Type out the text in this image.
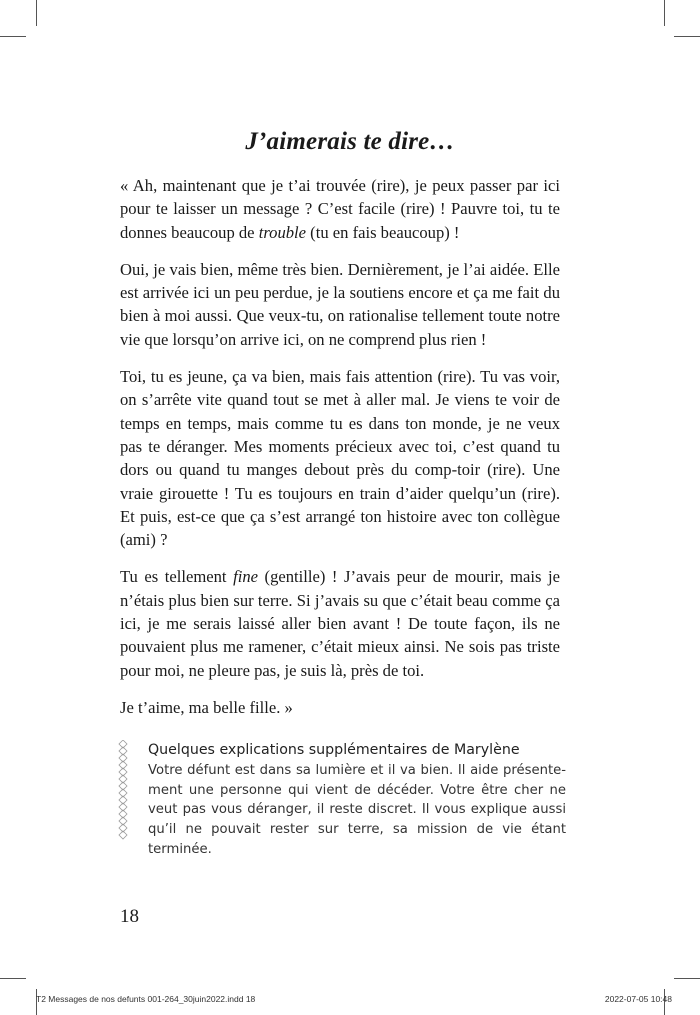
J’aimerais te dire…

« Ah, maintenant que je t’ai trouvée (rire), je peux passer par ici pour te laisser un message ? C’est facile (rire) ! Pauvre toi, tu te donnes beaucoup de trouble (tu en fais beaucoup) !

Oui, je vais bien, même très bien. Dernièrement, je l’ai aidée. Elle est arrivée ici un peu perdue, je la soutiens encore et ça me fait du bien à moi aussi. Que veux-tu, on rationalise tellement toute notre vie que lorsqu’on arrive ici, on ne comprend plus rien !

Toi, tu es jeune, ça va bien, mais fais attention (rire). Tu vas voir, on s’arrête vite quand tout se met à aller mal. Je viens te voir de temps en temps, mais comme tu es dans ton monde, je ne veux pas te déranger. Mes moments précieux avec toi, c’est quand tu dors ou quand tu manges debout près du comp-toir (rire). Une vraie girouette ! Tu es toujours en train d’aider quelqu’un (rire). Et puis, est-ce que ça s’est arrangé ton histoire avec ton collègue (ami) ?

Tu es tellement fine (gentille) ! J’avais peur de mourir, mais je n’étais plus bien sur terre. Si j’avais su que c’était beau comme ça ici, je me serais laissé aller bien avant ! De toute façon, ils ne pouvaient plus me ramener, c’était mieux ainsi. Ne sois pas triste pour moi, ne pleure pas, je suis là, près de toi.

Je t’aime, ma belle fille. »

Quelques explications supplémentaires de Marylène

Votre défunt est dans sa lumière et il va bien. Il aide présente-ment une personne qui vient de décéder. Votre être cher ne veut pas vous déranger, il reste discret. Il vous explique aussi qu’il ne pouvait rester sur terre, sa mission de vie étant terminée.

18
T2 Messages de nos defunts 001-264_30juin2022.indd 18	2022-07-05 10:48
